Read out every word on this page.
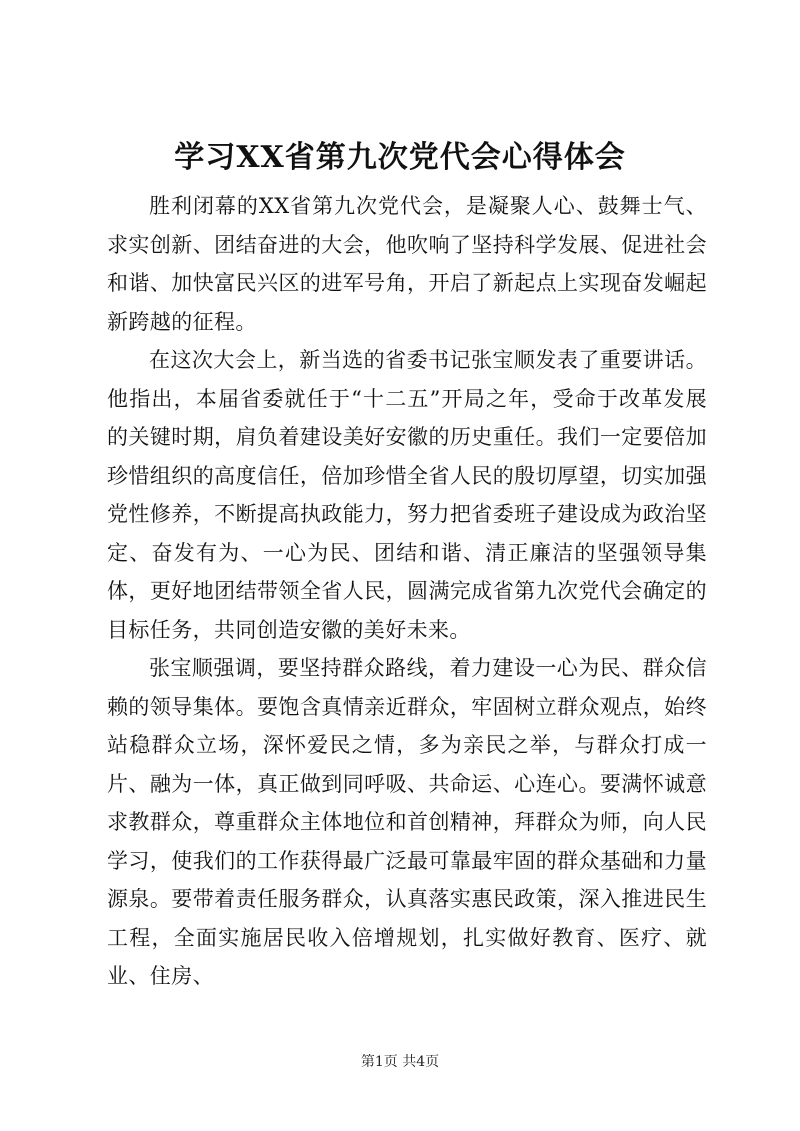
学习XX省第九次党代会心得体会

胜利闭幕的XX省第九次党代会，是凝聚人心、鼓舞士气、求实创新、团结奋进的大会，他吹响了坚持科学发展、促进社会和谐、加快富民兴区的进军号角，开启了新起点上实现奋发崛起新跨越的征程。

在这次大会上，新当选的省委书记张宝顺发表了重要讲话。他指出，本届省委就任于“十二五”开局之年，受命于改革发展的关键时期，肩负着建设美好安徽的历史重任。我们一定要倍加珍惜组织的高度信任，倍加珍惜全省人民的殷切厚望，切实加强党性修养，不断提高执政能力，努力把省委班子建设成为政治坚定、奋发有为、一心为民、团结和谐、清正廉洁的坚强领导集体，更好地团结带领全省人民，圆满完成省第九次党代会确定的目标任务，共同创造安徽的美好未来。

张宝顺强调，要坚持群众路线，着力建设一心为民、群众信赖的领导集体。要饱含真情亲近群众，牢固树立群众观点，始终站稳群众立场，深怀爱民之情，多为亲民之举，与群众打成一片、融为一体，真正做到同呼吸、共命运、心连心。要满怀诚意求教群众，尊重群众主体地位和首创精神，拜群众为师，向人民学习，使我们的工作获得最广泛最可靠最牢固的群众基础和力量源泉。要带着责任服务群众，认真落实惠民政策，深入推进民生工程，全面实施居民收入倍增规划，扎实做好教育、医疗、就业、住房、

第1页 共4页
